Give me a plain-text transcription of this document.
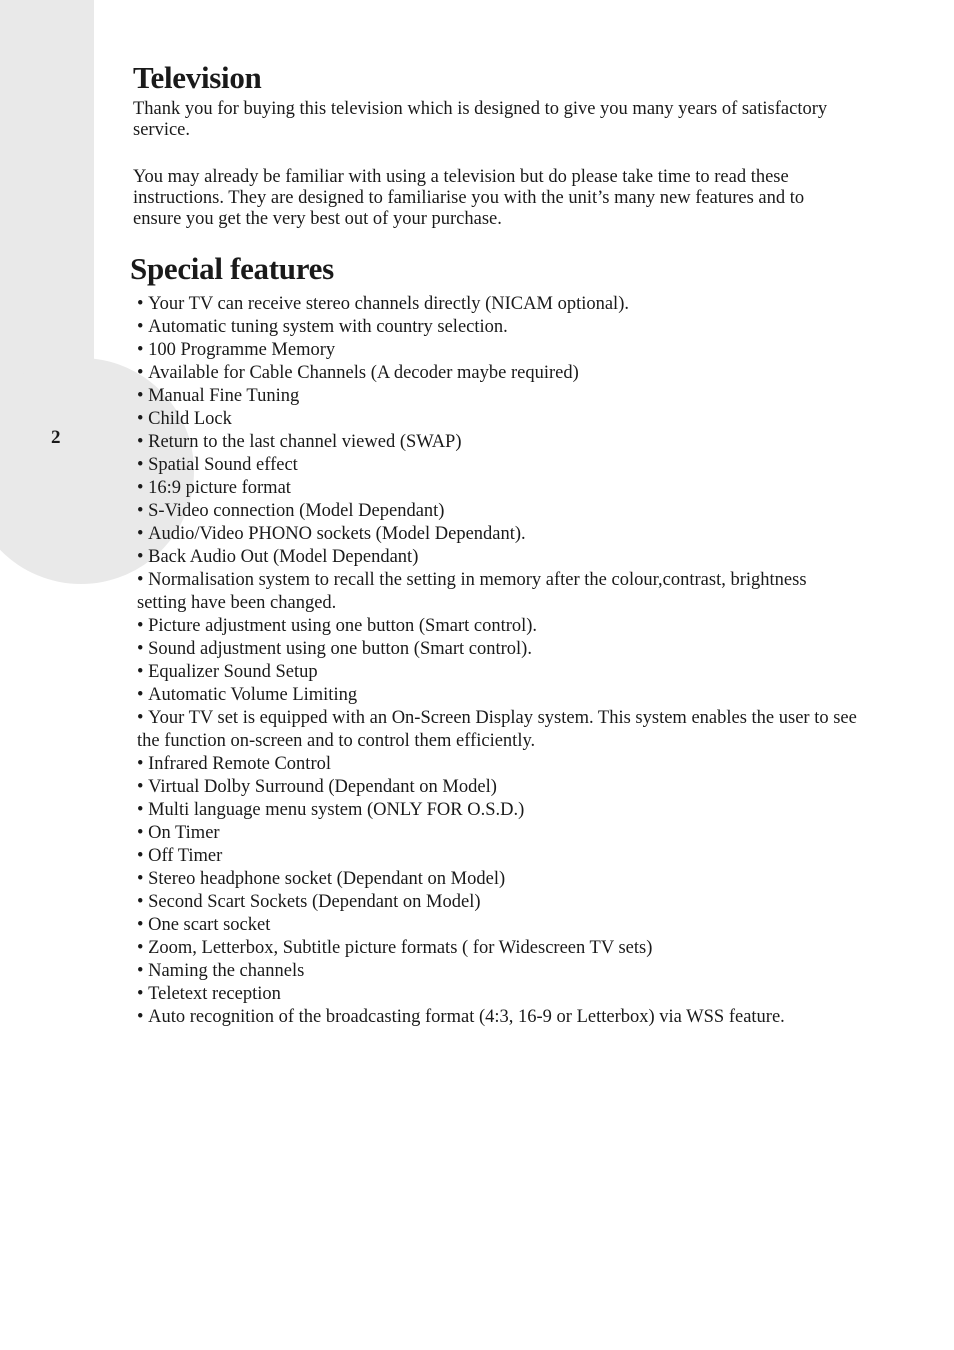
2
Television

Thank you for buying this television which is designed to give you many years of satisfactory service.

You may already be familiar with using a television but do please take time to read these instructions. They are designed to familiarise you with the unit’s many new features and to ensure you get the very best out of your purchase.

Special features
• Your TV can receive stereo channels directly (NICAM optional).
• Automatic tuning system with country selection.
• 100 Programme Memory
• Available for Cable Channels (A decoder maybe required)
• Manual Fine Tuning
• Child Lock
• Return to the last channel viewed (SWAP)
• Spatial Sound effect
• 16:9 picture format
• S-Video connection (Model Dependant)
• Audio/Video PHONO sockets (Model Dependant).
• Back Audio Out (Model Dependant)
• Normalisation system to recall the setting in memory after the colour,contrast, brightness setting have been changed.
• Picture adjustment using one button (Smart control).
• Sound adjustment using one button (Smart control).
• Equalizer Sound Setup
• Automatic Volume Limiting
• Your TV set is equipped with an On-Screen Display system. This system enables the user to see the function on-screen and to control them efficiently.
• Infrared Remote Control
• Virtual Dolby Surround (Dependant on Model)
• Multi language menu system (ONLY FOR O.S.D.)
• On Timer
• Off Timer
• Stereo headphone socket (Dependant on Model)
• Second Scart Sockets (Dependant on Model)
• One scart socket
• Zoom, Letterbox, Subtitle picture formats ( for Widescreen TV sets)
• Naming the channels
• Teletext reception
• Auto recognition of the broadcasting format (4:3, 16-9 or Letterbox) via WSS feature.
